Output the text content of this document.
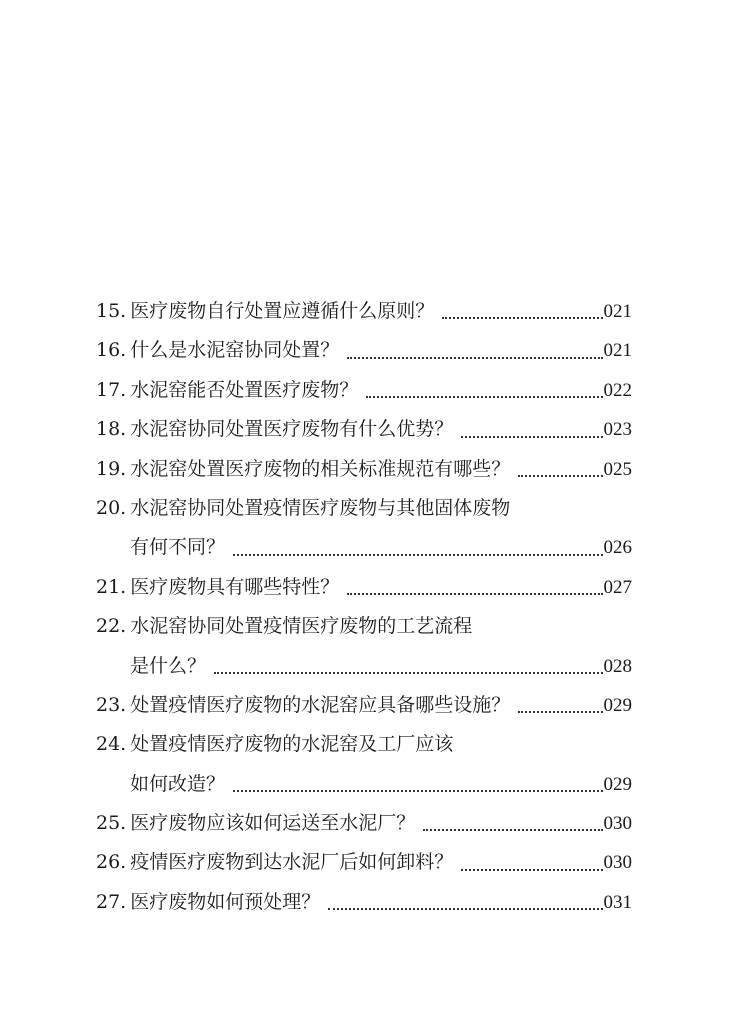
15. 医疗废物自行处置应遵循什么原则？	021
16. 什么是水泥窑协同处置？	021
17. 水泥窑能否处置医疗废物？	022
18. 水泥窑协同处置医疗废物有什么优势？	023
19. 水泥窑处置医疗废物的相关标准规范有哪些？	025
20. 水泥窑协同处置疫情医疗废物与其他固体废物
有何不同？	026
21. 医疗废物具有哪些特性？	027
22. 水泥窑协同处置疫情医疗废物的工艺流程
是什么？	028
23. 处置疫情医疗废物的水泥窑应具备哪些设施？	029
24. 处置疫情医疗废物的水泥窑及工厂应该
如何改造？	029
25. 医疗废物应该如何运送至水泥厂？	030
26. 疫情医疗废物到达水泥厂后如何卸料？	030
27. 医疗废物如何预处理？	031
